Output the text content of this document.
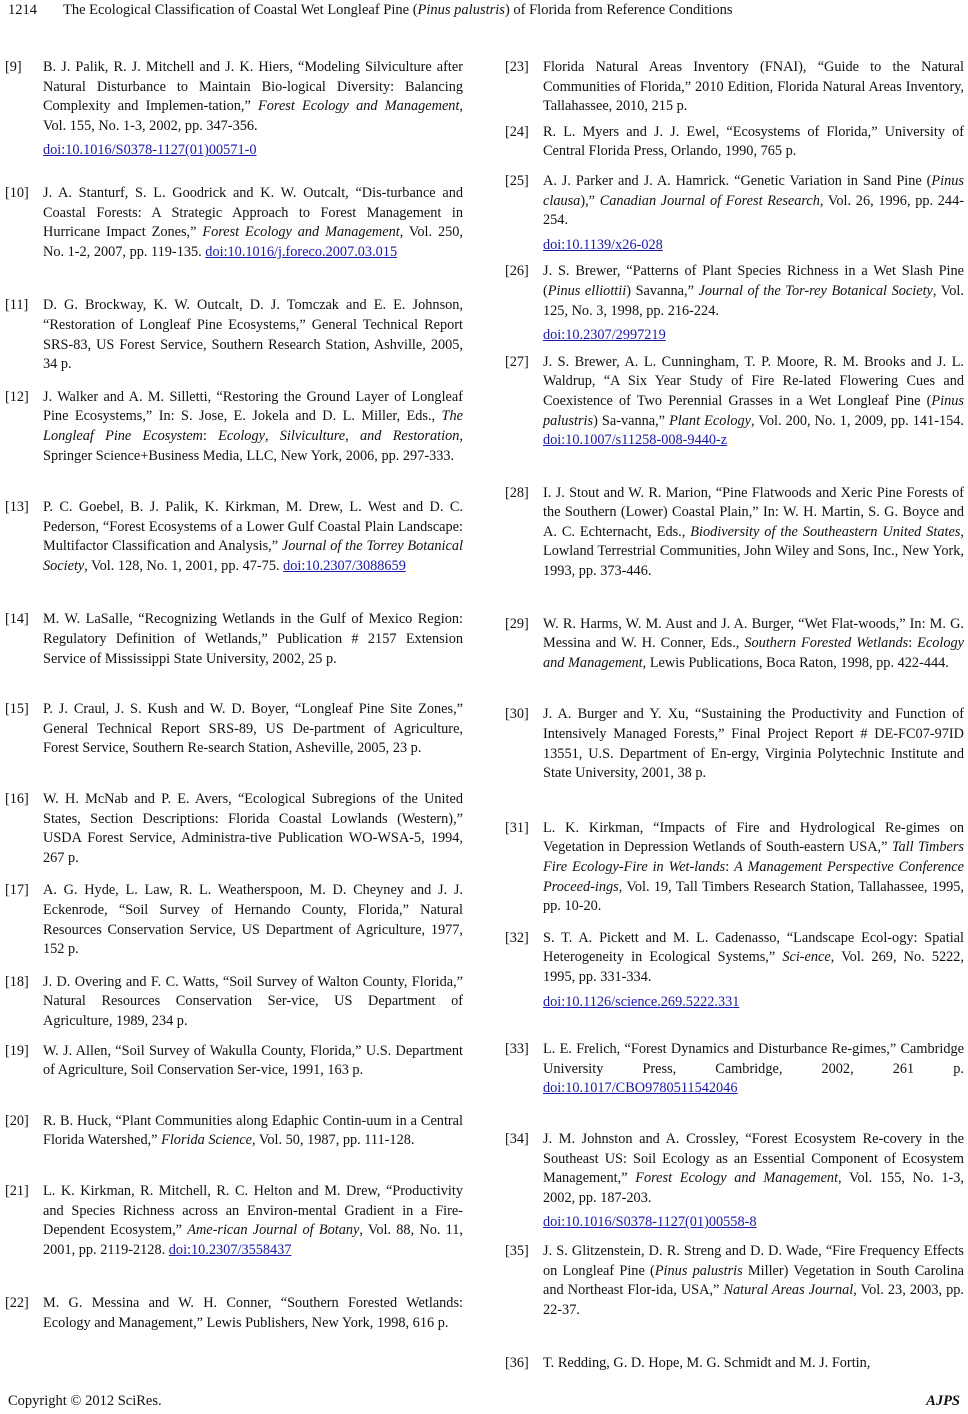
1214 The Ecological Classification of Coastal Wet Longleaf Pine (Pinus palustris) of Florida from Reference Conditions
[9] B. J. Palik, R. J. Mitchell and J. K. Hiers, “Modeling Silviculture after Natural Disturbance to Maintain Bio-logical Diversity: Balancing Complexity and Implemen-tation,” Forest Ecology and Management, Vol. 155, No. 1-3, 2002, pp. 347-356.
doi:10.1016/S0378-1127(01)00571-0
[10] J. A. Stanturf, S. L. Goodrick and K. W. Outcalt, “Dis-turbance and Coastal Forests: A Strategic Approach to Forest Management in Hurricane Impact Zones,” Forest Ecology and Management, Vol. 250, No. 1-2, 2007, pp. 119-135. doi:10.1016/j.foreco.2007.03.015
[11] D. G. Brockway, K. W. Outcalt, D. J. Tomczak and E. E. Johnson, “Restoration of Longleaf Pine Ecosystems,” General Technical Report SRS-83, US Forest Service, Southern Research Station, Ashville, 2005, 34 p.
[12] J. Walker and A. M. Silletti, “Restoring the Ground Layer of Longleaf Pine Ecosystems,” In: S. Jose, E. Jokela and D. L. Miller, Eds., The Longleaf Pine Ecosystem: Ecology, Silviculture, and Restoration, Springer Science+Business Media, LLC, New York, 2006, pp. 297-333.
[13] P. C. Goebel, B. J. Palik, K. Kirkman, M. Drew, L. West and D. C. Pederson, “Forest Ecosystems of a Lower Gulf Coastal Plain Landscape: Multifactor Classification and Analysis,” Journal of the Torrey Botanical Society, Vol. 128, No. 1, 2001, pp. 47-75. doi:10.2307/3088659
[14] M. W. LaSalle, “Recognizing Wetlands in the Gulf of Mexico Region: Regulatory Definition of Wetlands,” Publication # 2157 Extension Service of Mississippi State University, 2002, 25 p.
[15] P. J. Craul, J. S. Kush and W. D. Boyer, “Longleaf Pine Site Zones,” General Technical Report SRS-89, US De-partment of Agriculture, Forest Service, Southern Re-search Station, Asheville, 2005, 23 p.
[16] W. H. McNab and P. E. Avers, “Ecological Subregions of the United States, Section Descriptions: Florida Coastal Lowlands (Western),” USDA Forest Service, Administra-tive Publication WO-WSA-5, 1994, 267 p.
[17] A. G. Hyde, L. Law, R. L. Weatherspoon, M. D. Cheyney and J. J. Eckenrode, “Soil Survey of Hernando County, Florida,” Natural Resources Conservation Service, US Department of Agriculture, 1977, 152 p.
[18] J. D. Overing and F. C. Watts, “Soil Survey of Walton County, Florida,” Natural Resources Conservation Ser-vice, US Department of Agriculture, 1989, 234 p.
[19] W. J. Allen, “Soil Survey of Wakulla County, Florida,” U.S. Department of Agriculture, Soil Conservation Ser-vice, 1991, 163 p.
[20] R. B. Huck, “Plant Communities along Edaphic Contin-uum in a Central Florida Watershed,” Florida Science, Vol. 50, 1987, pp. 111-128.
[21] L. K. Kirkman, R. Mitchell, R. C. Helton and M. Drew, “Productivity and Species Richness across an Environ-mental Gradient in a Fire-Dependent Ecosystem,” Ame-rican Journal of Botany, Vol. 88, No. 11, 2001, pp. 2119-2128. doi:10.2307/3558437
[22] M. G. Messina and W. H. Conner, “Southern Forested Wetlands: Ecology and Management,” Lewis Publishers, New York, 1998, 616 p.
[23] Florida Natural Areas Inventory (FNAI), “Guide to the Natural Communities of Florida,” 2010 Edition, Florida Natural Areas Inventory, Tallahassee, 2010, 215 p.
[24] R. L. Myers and J. J. Ewel, “Ecosystems of Florida,” University of Central Florida Press, Orlando, 1990, 765 p.
[25] A. J. Parker and J. A. Hamrick. “Genetic Variation in Sand Pine (Pinus clausa),” Canadian Journal of Forest Research, Vol. 26, 1996, pp. 244-254.
doi:10.1139/x26-028
[26] J. S. Brewer, “Patterns of Plant Species Richness in a Wet Slash Pine (Pinus elliottii) Savanna,” Journal of the Tor-rey Botanical Society, Vol. 125, No. 3, 1998, pp. 216-224.
doi:10.2307/2997219
[27] J. S. Brewer, A. L. Cunningham, T. P. Moore, R. M. Brooks and J. L. Waldrup, “A Six Year Study of Fire Re-lated Flowering Cues and Coexistence of Two Perennial Grasses in a Wet Longleaf Pine (Pinus palustris) Sa-vanna,” Plant Ecology, Vol. 200, No. 1, 2009, pp. 141-154. doi:10.1007/s11258-008-9440-z
[28] I. J. Stout and W. R. Marion, “Pine Flatwoods and Xeric Pine Forests of the Southern (Lower) Coastal Plain,” In: W. H. Martin, S. G. Boyce and A. C. Echternacht, Eds., Biodiversity of the Southeastern United States, Lowland Terrestrial Communities, John Wiley and Sons, Inc., New York, 1993, pp. 373-446.
[29] W. R. Harms, W. M. Aust and J. A. Burger, “Wet Flat-woods,” In: M. G. Messina and W. H. Conner, Eds., Southern Forested Wetlands: Ecology and Management, Lewis Publications, Boca Raton, 1998, pp. 422-444.
[30] J. A. Burger and Y. Xu, “Sustaining the Productivity and Function of Intensively Managed Forests,” Final Project Report # DE-FC07-97ID 13551, U.S. Department of En-ergy, Virginia Polytechnic Institute and State University, 2001, 38 p.
[31] L. K. Kirkman, “Impacts of Fire and Hydrological Re-gimes on Vegetation in Depression Wetlands of South-eastern USA,” Tall Timbers Fire Ecology-Fire in Wet-lands: A Management Perspective Conference Proceed-ings, Vol. 19, Tall Timbers Research Station, Tallahassee, 1995, pp. 10-20.
[32] S. T. A. Pickett and M. L. Cadenasso, “Landscape Ecol-ogy: Spatial Heterogeneity in Ecological Systems,” Sci-ence, Vol. 269, No. 5222, 1995, pp. 331-334.
doi:10.1126/science.269.5222.331
[33] L. E. Frelich, “Forest Dynamics and Disturbance Re-gimes,” Cambridge University Press, Cambridge, 2002, 261 p. doi:10.1017/CBO9780511542046
[34] J. M. Johnston and A. Crossley, “Forest Ecosystem Re-covery in the Southeast US: Soil Ecology as an Essential Component of Ecosystem Management,” Forest Ecology and Management, Vol. 155, No. 1-3, 2002, pp. 187-203.
doi:10.1016/S0378-1127(01)00558-8
[35] J. S. Glitzenstein, D. R. Streng and D. D. Wade, “Fire Frequency Effects on Longleaf Pine (Pinus palustris Miller) Vegetation in South Carolina and Northeast Flor-ida, USA,” Natural Areas Journal, Vol. 23, 2003, pp. 22-37.
[36] T. Redding, G. D. Hope, M. G. Schmidt and M. J. Fortin,
Copyright © 2012 SciRes.	AJPS
